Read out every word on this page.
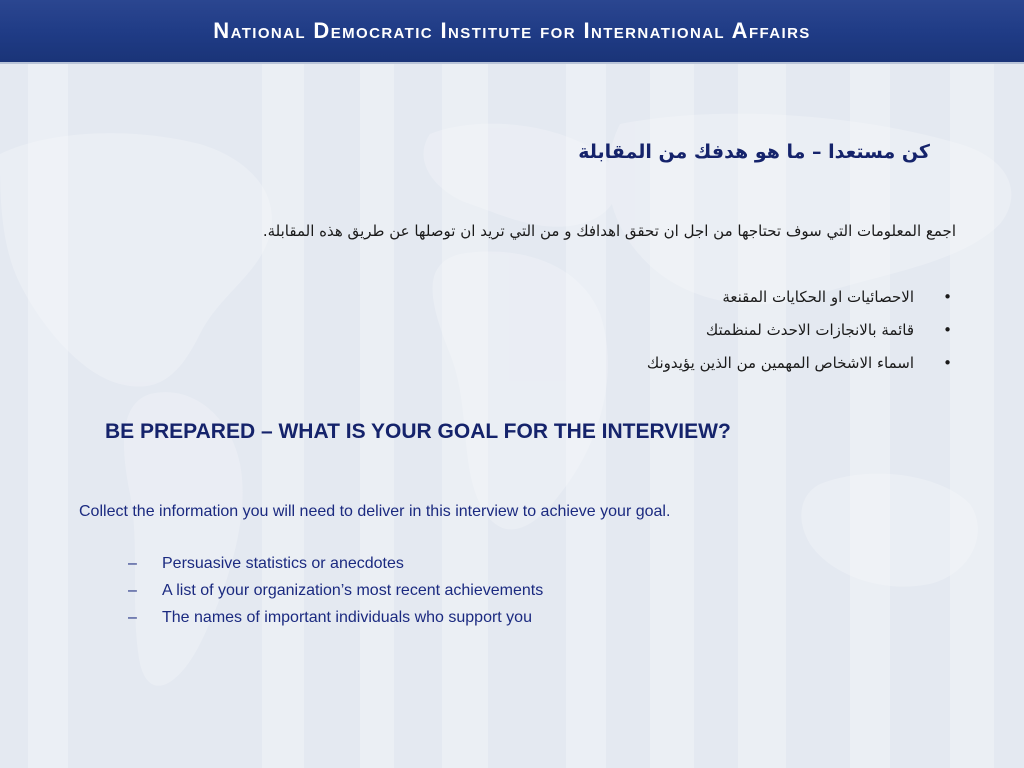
National Democratic Institute for International Affairs
كن مستعدا – ما هو هدفك من المقابلة
اجمع المعلومات التي سوف تحتاجها من اجل ان تحقق اهدافك و من التي تريد ان توصلها عن طريق هذه المقابلة.
•
الاحصائيات او الحكايات المقنعة
•
قائمة بالانجازات الاحدث لمنظمتك
•
اسماء الاشخاص المهمين من الذين يؤيدونك
BE PREPARED – WHAT IS YOUR GOAL FOR THE INTERVIEW?
Collect the information you will need to deliver in this interview to achieve your goal.
– Persuasive statistics or anecdotes
– A list of your organization’s most recent achievements
– The names of important individuals who support you
